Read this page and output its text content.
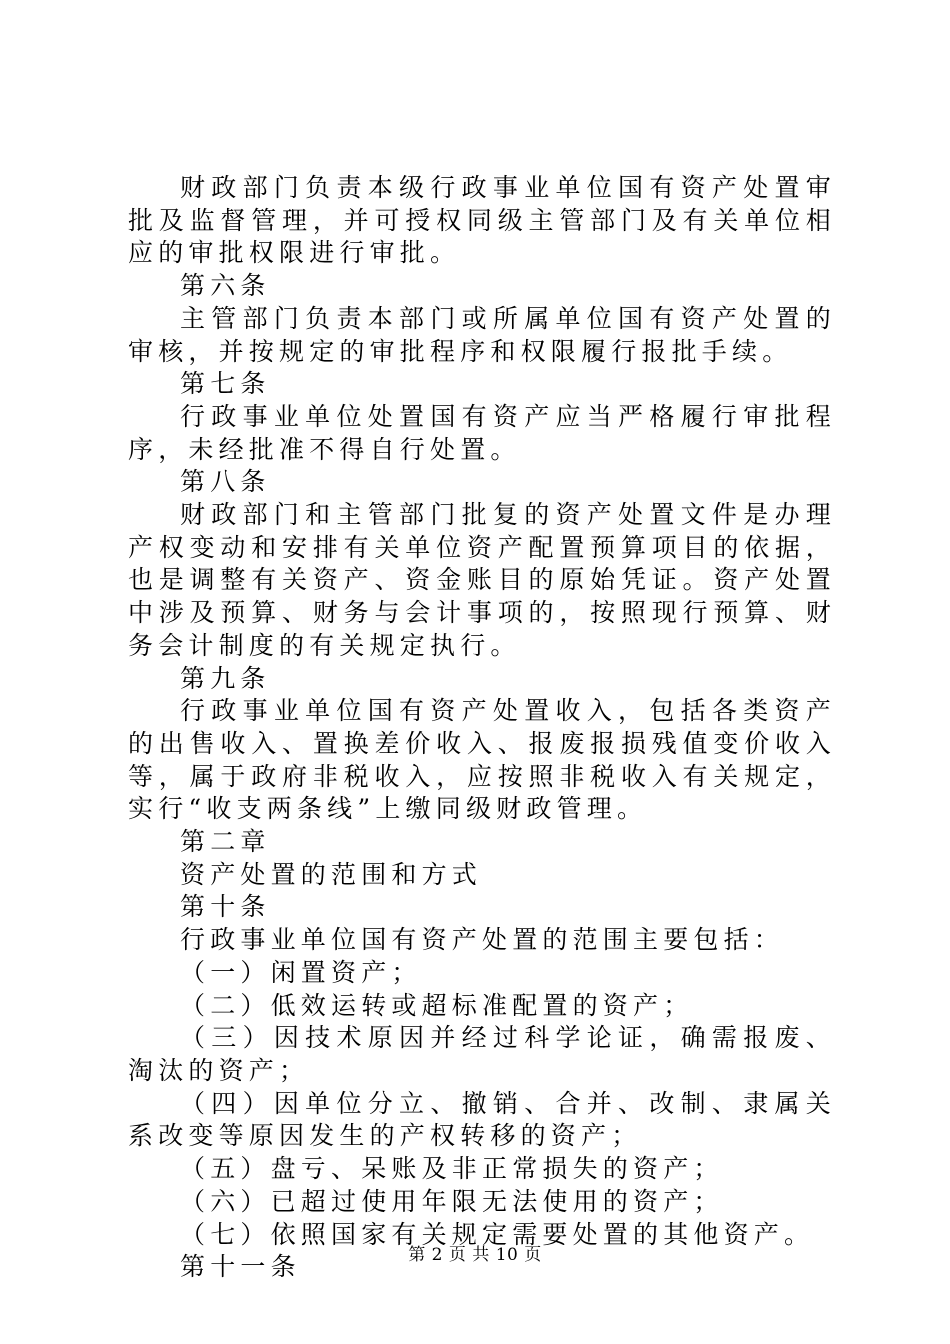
财政部门负责本级行政事业单位国有资产处置审批及监督管理，并可授权同级主管部门及有关单位相应的审批权限进行审批。

第六条

主管部门负责本部门或所属单位国有资产处置的审核，并按规定的审批程序和权限履行报批手续。

第七条

行政事业单位处置国有资产应当严格履行审批程序，未经批准不得自行处置。

第八条

财政部门和主管部门批复的资产处置文件是办理产权变动和安排有关单位资产配置预算项目的依据，也是调整有关资产、资金账目的原始凭证。资产处置中涉及预算、财务与会计事项的，按照现行预算、财务会计制度的有关规定执行。

第九条

行政事业单位国有资产处置收入，包括各类资产的出售收入、置换差价收入、报废报损残值变价收入等，属于政府非税收入，应按照非税收入有关规定，实行“收支两条线”上缴同级财政管理。

第二章

资产处置的范围和方式

第十条

行政事业单位国有资产处置的范围主要包括：

（一）闲置资产；

（二）低效运转或超标准配置的资产；

（三）因技术原因并经过科学论证，确需报废、淘汰的资产；

（四）因单位分立、撤销、合并、改制、隶属关系改变等原因发生的产权转移的资产；

（五）盘亏、呆账及非正常损失的资产；

（六）已超过使用年限无法使用的资产；

（七）依照国家有关规定需要处置的其他资产。

第十一条	第 2 页 共 10 页
